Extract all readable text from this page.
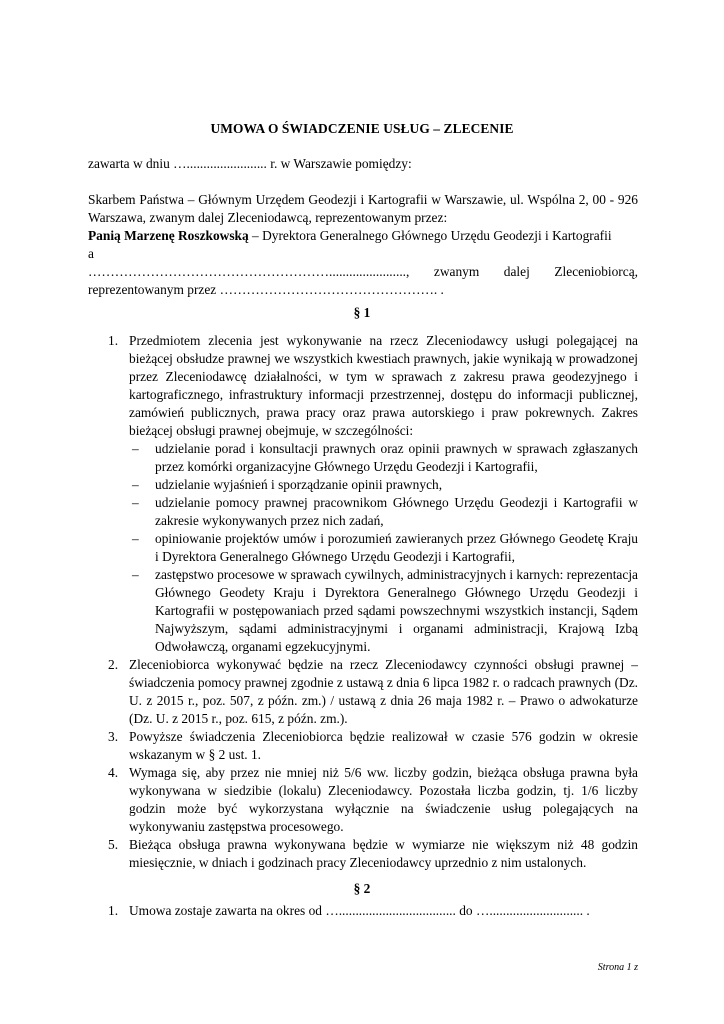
UMOWA O ŚWIADCZENIE USŁUG – ZLECENIE
zawarta w dniu …........................ r. w Warszawie pomiędzy:
Skarbem Państwa – Głównym Urzędem Geodezji i Kartografii w Warszawie, ul. Wspólna 2, 00 - 926 Warszawa, zwanym dalej Zleceniodawcą, reprezentowanym przez:
Panią Marzenę Roszkowską – Dyrektora Generalnego Głównego Urzędu Geodezji i Kartografii
a
………………………………………………......................., zwanym dalej Zleceniobiorcą,
reprezentowanym przez …………………………………………. .
§ 1
1. Przedmiotem zlecenia jest wykonywanie na rzecz Zleceniodawcy usługi polegającej na bieżącej obsłudze prawnej we wszystkich kwestiach prawnych, jakie wynikają w prowadzonej przez Zleceniodawcę działalności, w tym w sprawach z zakresu prawa geodezyjnego i kartograficznego, infrastruktury informacji przestrzennej, dostępu do informacji publicznej, zamówień publicznych, prawa pracy oraz prawa autorskiego i praw pokrewnych. Zakres bieżącej obsługi prawnej obejmuje, w szczególności:
– udzielanie porad i konsultacji prawnych oraz opinii prawnych w sprawach zgłaszanych przez komórki organizacyjne Głównego Urzędu Geodezji i Kartografii,
– udzielanie wyjaśnień i sporządzanie opinii prawnych,
– udzielanie pomocy prawnej pracownikom Głównego Urzędu Geodezji i Kartografii w zakresie wykonywanych przez nich zadań,
– opiniowanie projektów umów i porozumień zawieranych przez Głównego Geodetę Kraju i Dyrektora Generalnego Głównego Urzędu Geodezji i Kartografii,
– zastępstwo procesowe w sprawach cywilnych, administracyjnych i karnych: reprezentacja Głównego Geodety Kraju i Dyrektora Generalnego Głównego Urzędu Geodezji i Kartografii w postępowaniach przed sądami powszechnymi wszystkich instancji, Sądem Najwyższym, sądami administracyjnymi i organami administracji, Krajową Izbą Odwoławczą, organami egzekucyjnymi.
2. Zleceniobiorca wykonywać będzie na rzecz Zleceniodawcy czynności obsługi prawnej – świadczenia pomocy prawnej zgodnie z ustawą z dnia 6 lipca 1982 r. o radcach prawnych (Dz. U. z 2015 r., poz. 507, z późn. zm.) / ustawą z dnia 26 maja 1982 r. – Prawo o adwokaturze (Dz. U. z 2015 r., poz. 615, z późn. zm.).
3. Powyższe świadczenia Zleceniobiorca będzie realizował w czasie 576 godzin w okresie wskazanym w § 2 ust. 1.
4. Wymaga się, aby przez nie mniej niż 5/6 ww. liczby godzin, bieżąca obsługa prawna była wykonywana w siedzibie (lokalu) Zleceniodawcy. Pozostała liczba godzin, tj. 1/6 liczby godzin może być wykorzystana wyłącznie na świadczenie usług polegających na wykonywaniu zastępstwa procesowego.
5. Bieżąca obsługa prawna wykonywana będzie w wymiarze nie większym niż 48 godzin miesięcznie, w dniach i godzinach pracy Zleceniodawcy uprzednio z nim ustalonych.
§ 2
1. Umowa zostaje zawarta na okres od …................................... do …............................ .
Strona 1 z
